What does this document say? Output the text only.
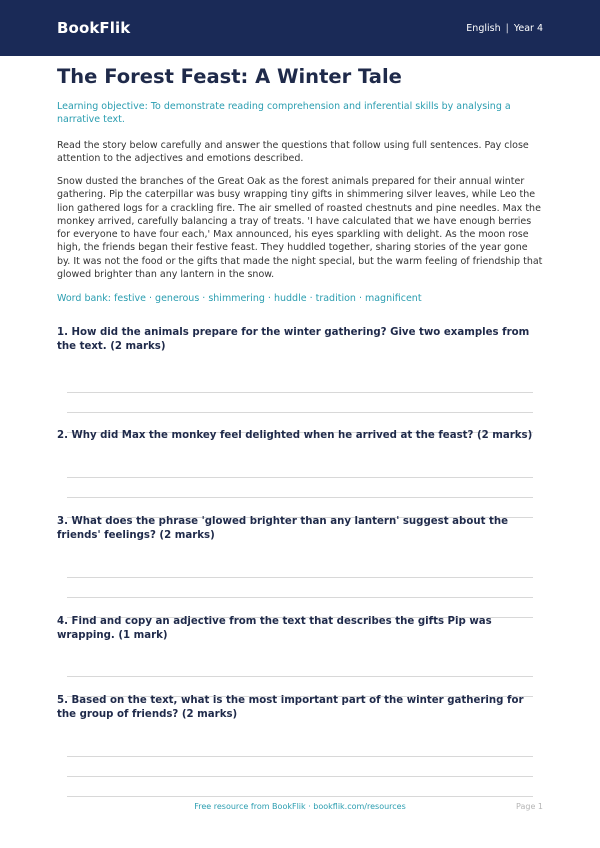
BookFlik	English | Year 4
The Forest Feast: A Winter Tale

Learning objective: To demonstrate reading comprehension and inferential skills by analysing a narrative text.

Read the story below carefully and answer the questions that follow using full sentences. Pay close attention to the adjectives and emotions described.

Snow dusted the branches of the Great Oak as the forest animals prepared for their annual winter gathering. Pip the caterpillar was busy wrapping tiny gifts in shimmering silver leaves, while Leo the lion gathered logs for a crackling fire. The air smelled of roasted chestnuts and pine needles. Max the monkey arrived, carefully balancing a tray of treats. 'I have calculated that we have enough berries for everyone to have four each,' Max announced, his eyes sparkling with delight. As the moon rose high, the friends began their festive feast. They huddled together, sharing stories of the year gone by. It was not the food or the gifts that made the night special, but the warm feeling of friendship that glowed brighter than any lantern in the snow.

Word bank: festive · generous · shimmering · huddle · tradition · magnificent

1. How did the animals prepare for the winter gathering? Give two examples from the text. (2 marks)

2. Why did Max the monkey feel delighted when he arrived at the feast? (2 marks)

3. What does the phrase 'glowed brighter than any lantern' suggest about the friends' feelings? (2 marks)

4. Find and copy an adjective from the text that describes the gifts Pip was wrapping. (1 mark)

5. Based on the text, what is the most important part of the winter gathering for the group of friends? (2 marks)

Free resource from BookFlik · bookflik.com/resources	Page 1
